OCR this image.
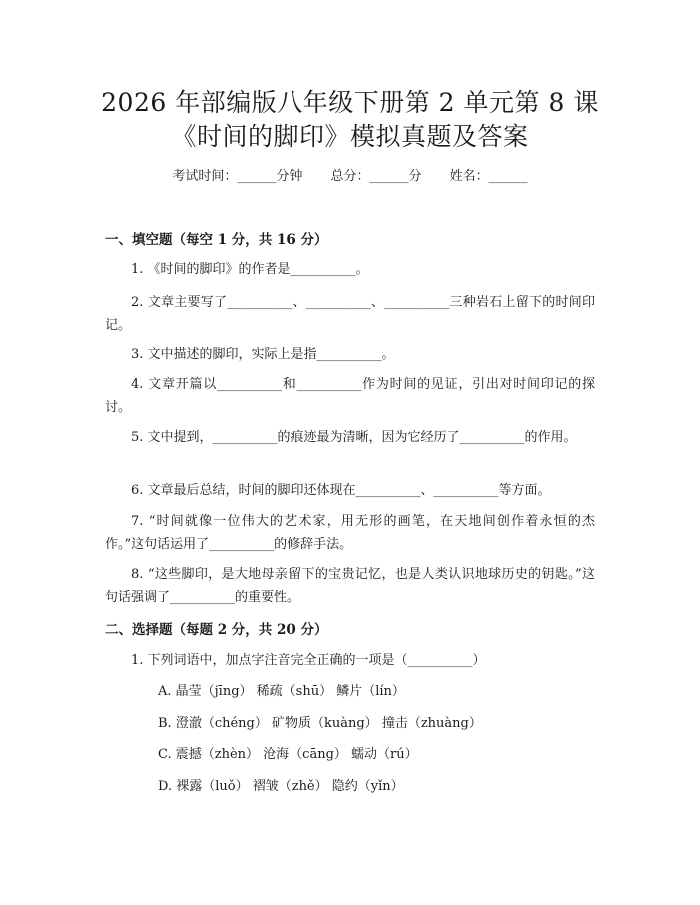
2026 年部编版八年级下册第 2 单元第 8 课
《时间的脚印》模拟真题及答案
考试时间：______分钟 总分：______分 姓名：______
一、填空题（每空 1 分，共 16 分）
1. 《时间的脚印》的作者是__________。
2. 文章主要写了__________、__________、__________三种岩石上留下的时间印记。
3. 文中描述的脚印，实际上是指__________。
4. 文章开篇以__________和__________作为时间的见证，引出对时间印记的探讨。
5. 文中提到，__________的痕迹最为清晰，因为它经历了__________的作用。
6. 文章最后总结，时间的脚印还体现在__________、__________等方面。
7. “时间就像一位伟大的艺术家，用无形的画笔，在天地间创作着永恒的杰作。”这句话运用了__________的修辞手法。
8. “这些脚印，是大地母亲留下的宝贵记忆，也是人类认识地球历史的钥匙。”这句话强调了__________的重要性。
二、选择题（每题 2 分，共 20 分）
1. 下列词语中，加点字注音完全正确的一项是（__________）
A. 晶莹（jīng） 稀疏（shū） 鳞片（lín）
B. 澄澈（chéng） 矿物质（kuàng） 撞击（zhuàng）
C. 震撼（zhèn） 沧海（cāng） 蠕动（rú）
D. 裸露（luǒ） 褶皱（zhě） 隐约（yǐn）
